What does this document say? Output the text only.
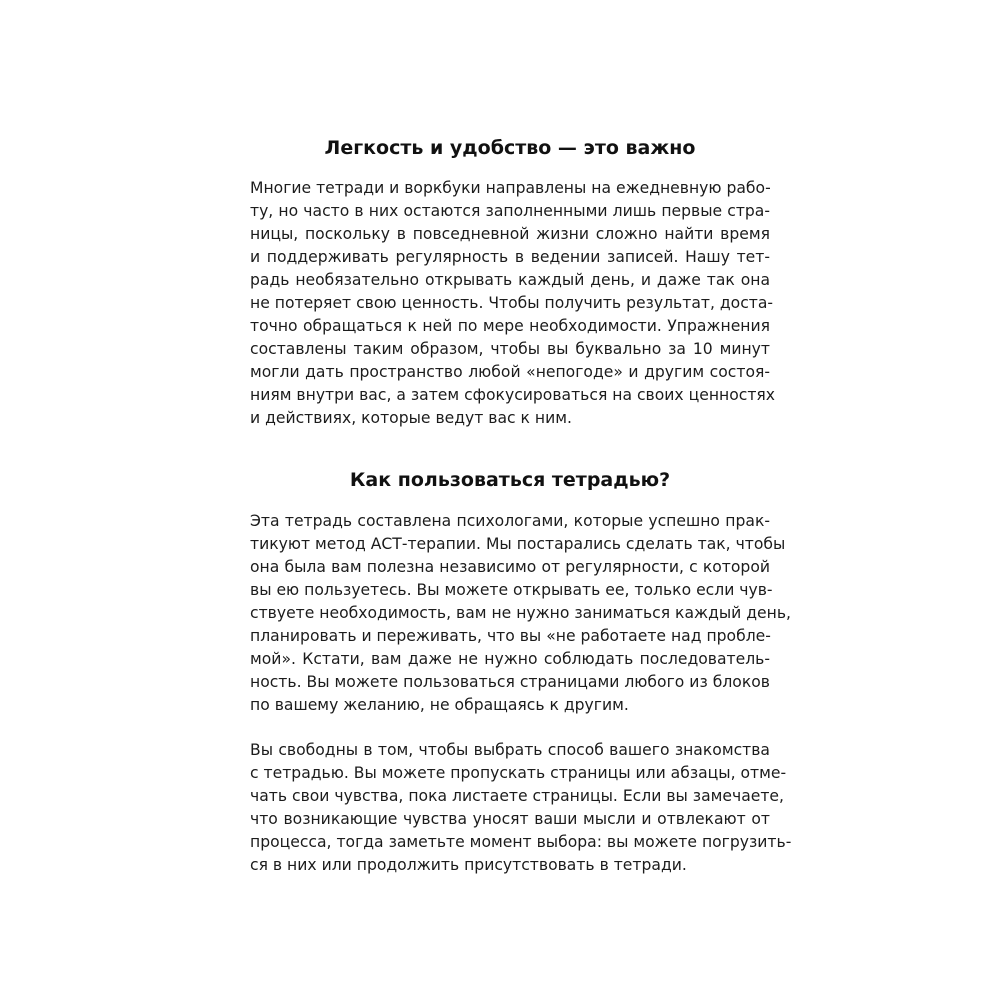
Легкость и удобство — это важно
Многие тетради и воркбуки направлены на ежедневную рабо-
ту, но часто в них остаются заполненными лишь первые стра-
ницы, поскольку в повседневной жизни сложно найти время
и поддерживать регулярность в ведении записей. Нашу тет-
радь необязательно открывать каждый день, и даже так она
не потеряет свою ценность. Чтобы получить результат, доста-
точно обращаться к ней по мере необходимости. Упражнения
составлены таким образом, чтобы вы буквально за 10 минут
могли дать пространство любой «непогоде» и другим состоя-
ниям внутри вас, а затем сфокусироваться на своих ценностях
и действиях, которые ведут вас к ним.
Как пользоваться тетрадью?
Эта тетрадь составлена психологами, которые успешно прак-
тикуют метод АСТ-терапии. Мы постарались сделать так, чтобы
она была вам полезна независимо от регулярности, с которой
вы ею пользуетесь. Вы можете открывать ее, только если чув-
ствуете необходимость, вам не нужно заниматься каждый день,
планировать и переживать, что вы «не работаете над пробле-
мой». Кстати, вам даже не нужно соблюдать последователь-
ность. Вы можете пользоваться страницами любого из блоков
по вашему желанию, не обращаясь к другим.
Вы свободны в том, чтобы выбрать способ вашего знакомства
с тетрадью. Вы можете пропускать страницы или абзацы, отме-
чать свои чувства, пока листаете страницы. Если вы замечаете,
что возникающие чувства уносят ваши мысли и отвлекают от
процесса, тогда заметьте момент выбора: вы можете погрузить-
ся в них или продолжить присутствовать в тетради.
